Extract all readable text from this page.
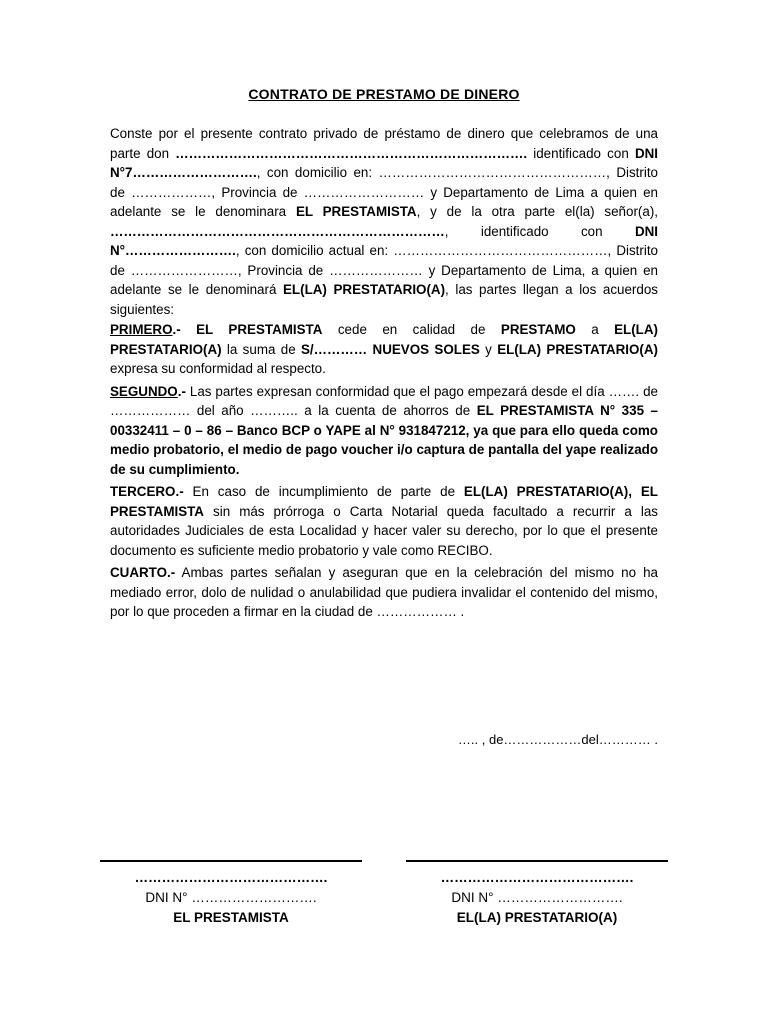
CONTRATO DE PRESTAMO DE DINERO

Conste por el presente contrato privado de préstamo de dinero que celebramos de una parte don ……………………………………………………………………. identificado con DNI N°7………………………., con domicilio en: ……………………………………………, Distrito de ………………, Provincia de ……………………… y Departamento de Lima a quien en adelante se le denominara EL PRESTAMISTA, y de la otra parte el(la) señor(a), …………………………………………………………………, identificado con DNI N°……………………., con domicilio actual en: …………………………………………, Distrito de ……………………, Provincia de ………………… y Departamento de Lima, a quien en adelante se le denominará EL(LA) PRESTATARIO(A), las partes llegan a los acuerdos siguientes:

PRIMERO.- EL PRESTAMISTA cede en calidad de PRESTAMO a EL(LA) PRESTATARIO(A) la suma de S/………… NUEVOS SOLES y EL(LA) PRESTATARIO(A) expresa su conformidad al respecto.

SEGUNDO.- Las partes expresan conformidad que el pago empezará desde el día ……. de ……………… del año ……….. a la cuenta de ahorros de EL PRESTAMISTA N° 335 – 00332411 – 0 – 86 – Banco BCP o YAPE al N° 931847212, ya que para ello queda como medio probatorio, el medio de pago voucher i/o captura de pantalla del yape realizado de su cumplimiento.

TERCERO.- En caso de incumplimiento de parte de EL(LA) PRESTATARIO(A), EL PRESTAMISTA sin más prórroga o Carta Notarial queda facultado a recurrir a las autoridades Judiciales de esta Localidad y hacer valer su derecho, por lo que el presente documento es suficiente medio probatorio y vale como RECIBO.

CUARTO.- Ambas partes señalan y aseguran que en la celebración del mismo no ha mediado error, dolo de nulidad o anulabilidad que pudiera invalidar el contenido del mismo, por lo que proceden a firmar en la ciudad de ……………… .

….. , de………………del………… .
…………………………………….
DNI N° ……………………….
EL PRESTAMISTA
…………………………………….
DNI N° ……………………….
EL(LA) PRESTATARIO(A)
